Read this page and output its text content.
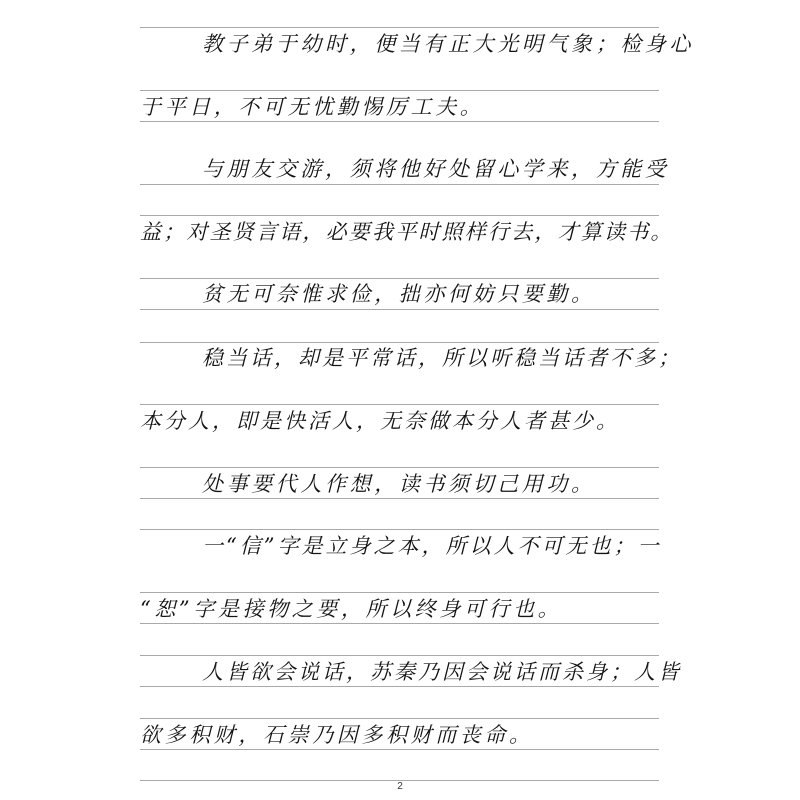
教子弟于幼时，便当有正大光明气象；检身心
于平日，不可无忧勤惕厉工夫。
与朋友交游，须将他好处留心学来，方能受
益；对圣贤言语，必要我平时照样行去，才算读书。
贫无可奈惟求俭，拙亦何妨只要勤。
稳当话，却是平常话，所以听稳当话者不多；
本分人，即是快活人，无奈做本分人者甚少。
处事要代人作想，读书须切己用功。
一“信”字是立身之本，所以人不可无也；一
“恕”字是接物之要，所以终身可行也。
人皆欲会说话，苏秦乃因会说话而杀身；人皆
欲多积财，石崇乃因多积财而丧命。
2
